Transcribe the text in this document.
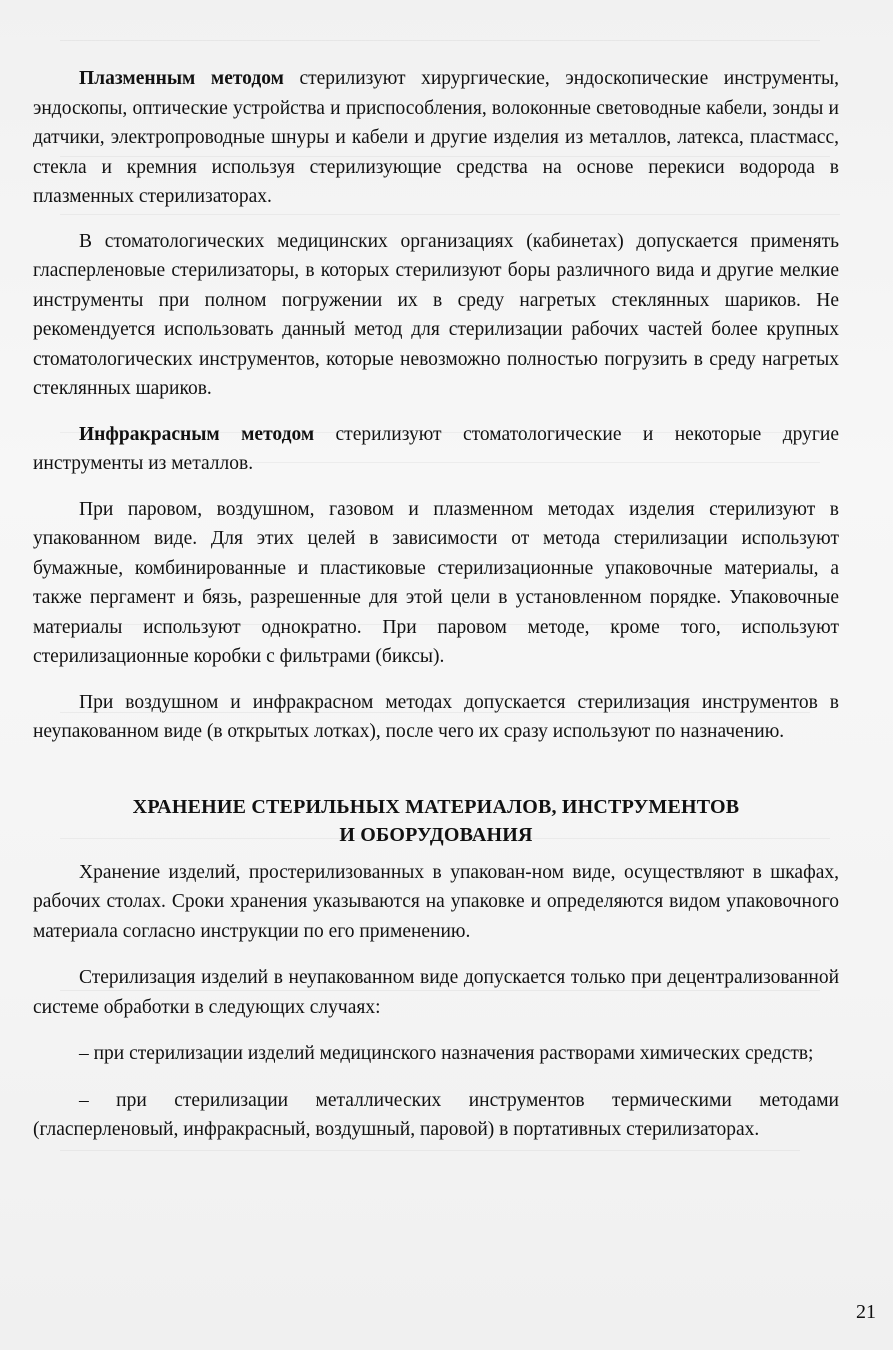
Плазменным методом стерилизуют хирургические, эндоскопические инструменты, эндоскопы, оптические устройства и приспособления, волоконные световодные кабели, зонды и датчики, электропроводные шнуры и кабели и другие изделия из металлов, латекса, пластмасс, стекла и кремния используя стерилизующие средства на основе перекиси водорода в плазменных стерилизаторах.

В стоматологических медицинских организациях (кабинетах) допускается применять гласперленовые стерилизаторы, в которых стерилизуют боры различного вида и другие мелкие инструменты при полном погружении их в среду нагретых стеклянных шариков. Не рекомендуется использовать данный метод для стерилизации рабочих частей более крупных стоматологических инструментов, которые невозможно полностью погрузить в среду нагретых стеклянных шариков.

Инфракрасным методом стерилизуют стоматологические и некоторые другие инструменты из металлов.

При паровом, воздушном, газовом и плазменном методах изделия стерилизуют в упакованном виде. Для этих целей в зависимости от метода стерилизации используют бумажные, комбинированные и пластиковые стерилизационные упаковочные материалы, а также пергамент и бязь, разрешенные для этой цели в установленном порядке. Упаковочные материалы используют однократно. При паровом методе, кроме того, используют стерилизационные коробки с фильтрами (биксы).

При воздушном и инфракрасном методах допускается стерилизация инструментов в неупакованном виде (в открытых лотках), после чего их сразу используют по назначению.

ХРАНЕНИЕ СТЕРИЛЬНЫХ МАТЕРИАЛОВ, ИНСТРУМЕНТОВ
И ОБОРУДОВАНИЯ

Хранение изделий, простерилизованных в упакован-ном виде, осуществляют в шкафах, рабочих столах. Сроки хранения указываются на упаковке и определяются видом упаковочного материала согласно инструкции по его применению.

Стерилизация изделий в неупакованном виде допускается только при децентрализованной системе обработки в следующих случаях:

– при стерилизации изделий медицинского назначения растворами химических средств;

– при стерилизации металлических инструментов термическими методами (гласперленовый, инфракрасный, воздушный, паровой) в портативных стерилизаторах.

21
